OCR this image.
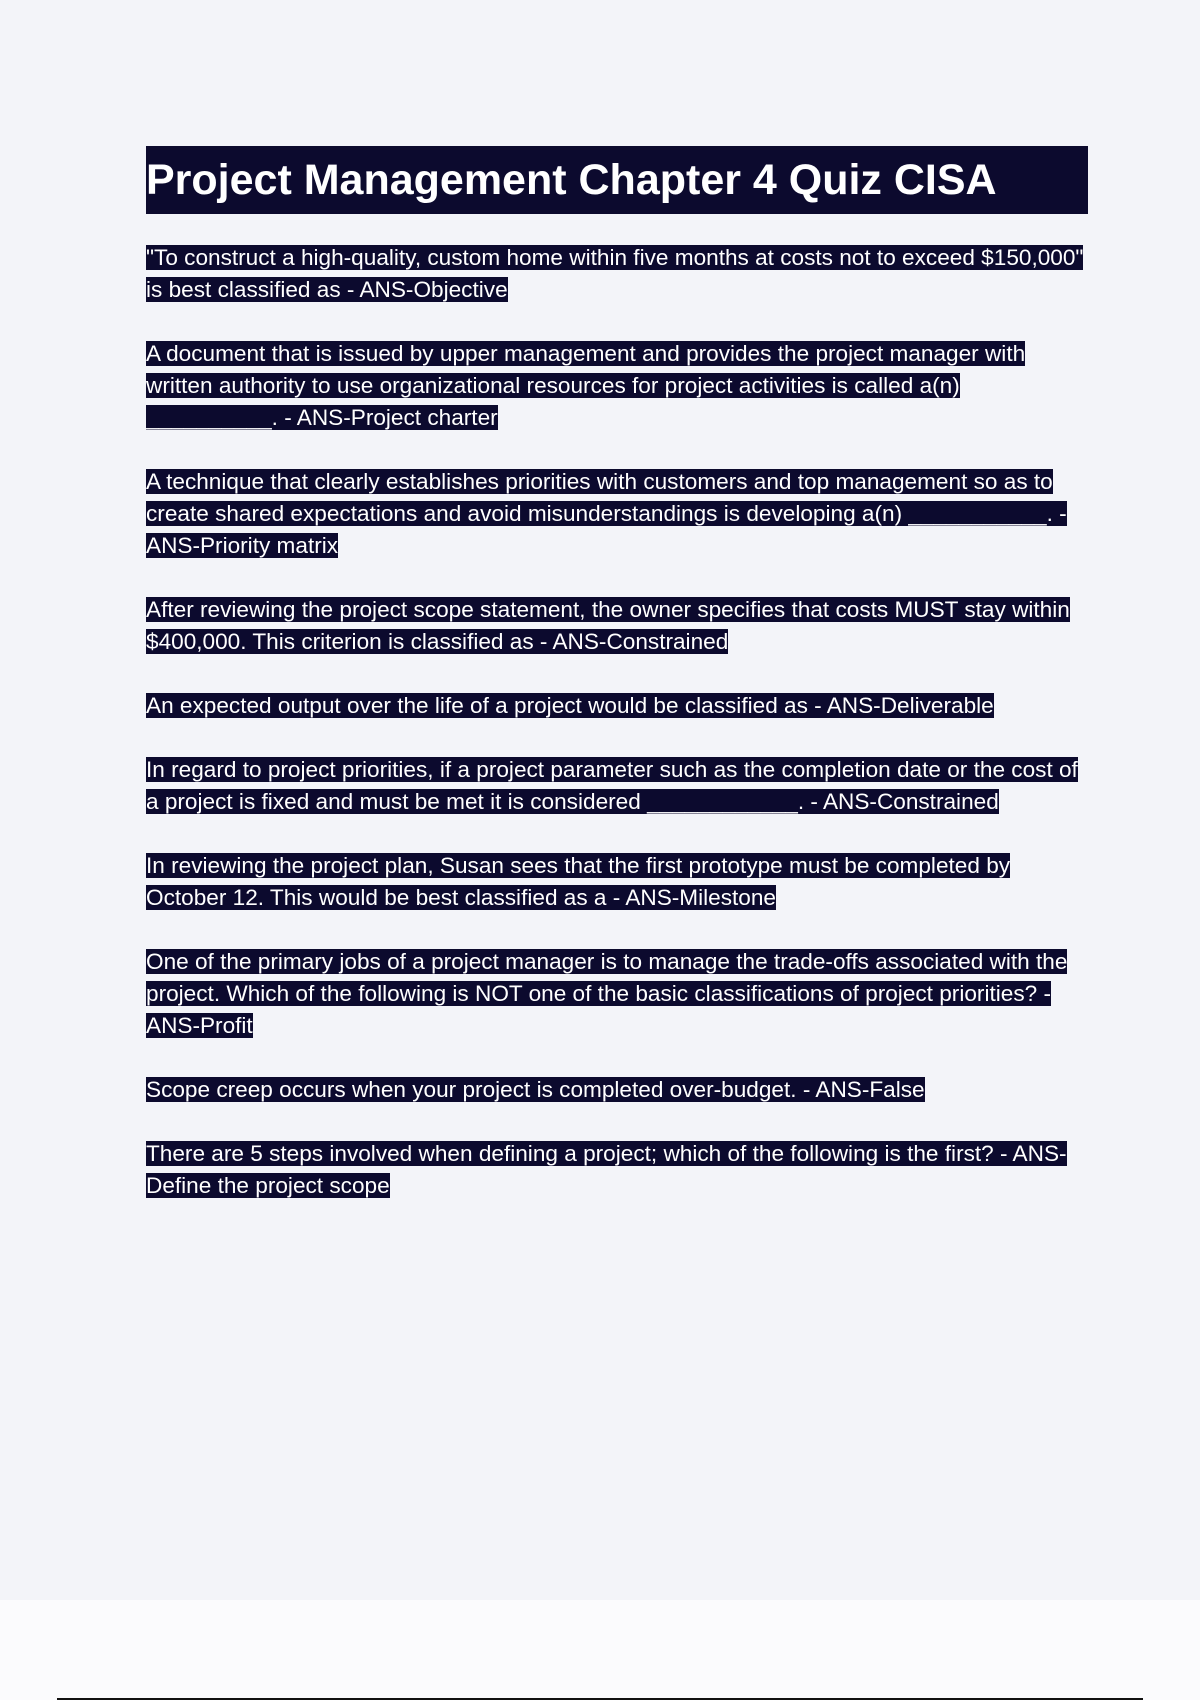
Project Management Chapter 4 Quiz CISA
"To construct a high-quality, custom home within five months at costs not to exceed $150,000" is best classified as - ANS-Objective
A document that is issued by upper management and provides the project manager with written authority to use organizational resources for project activities is called a(n) __________. - ANS-Project charter
A technique that clearly establishes priorities with customers and top management so as to create shared expectations and avoid misunderstandings is developing a(n) ___________. - ANS-Priority matrix
After reviewing the project scope statement, the owner specifies that costs MUST stay within $400,000. This criterion is classified as - ANS-Constrained
An expected output over the life of a project would be classified as - ANS-Deliverable
In regard to project priorities, if a project parameter such as the completion date or the cost of a project is fixed and must be met it is considered ____________. - ANS-Constrained
In reviewing the project plan, Susan sees that the first prototype must be completed by October 12. This would be best classified as a - ANS-Milestone
One of the primary jobs of a project manager is to manage the trade-offs associated with the project. Which of the following is NOT one of the basic classifications of project priorities? - ANS-Profit
Scope creep occurs when your project is completed over-budget. - ANS-False
There are 5 steps involved when defining a project; which of the following is the first? - ANS-Define the project scope
